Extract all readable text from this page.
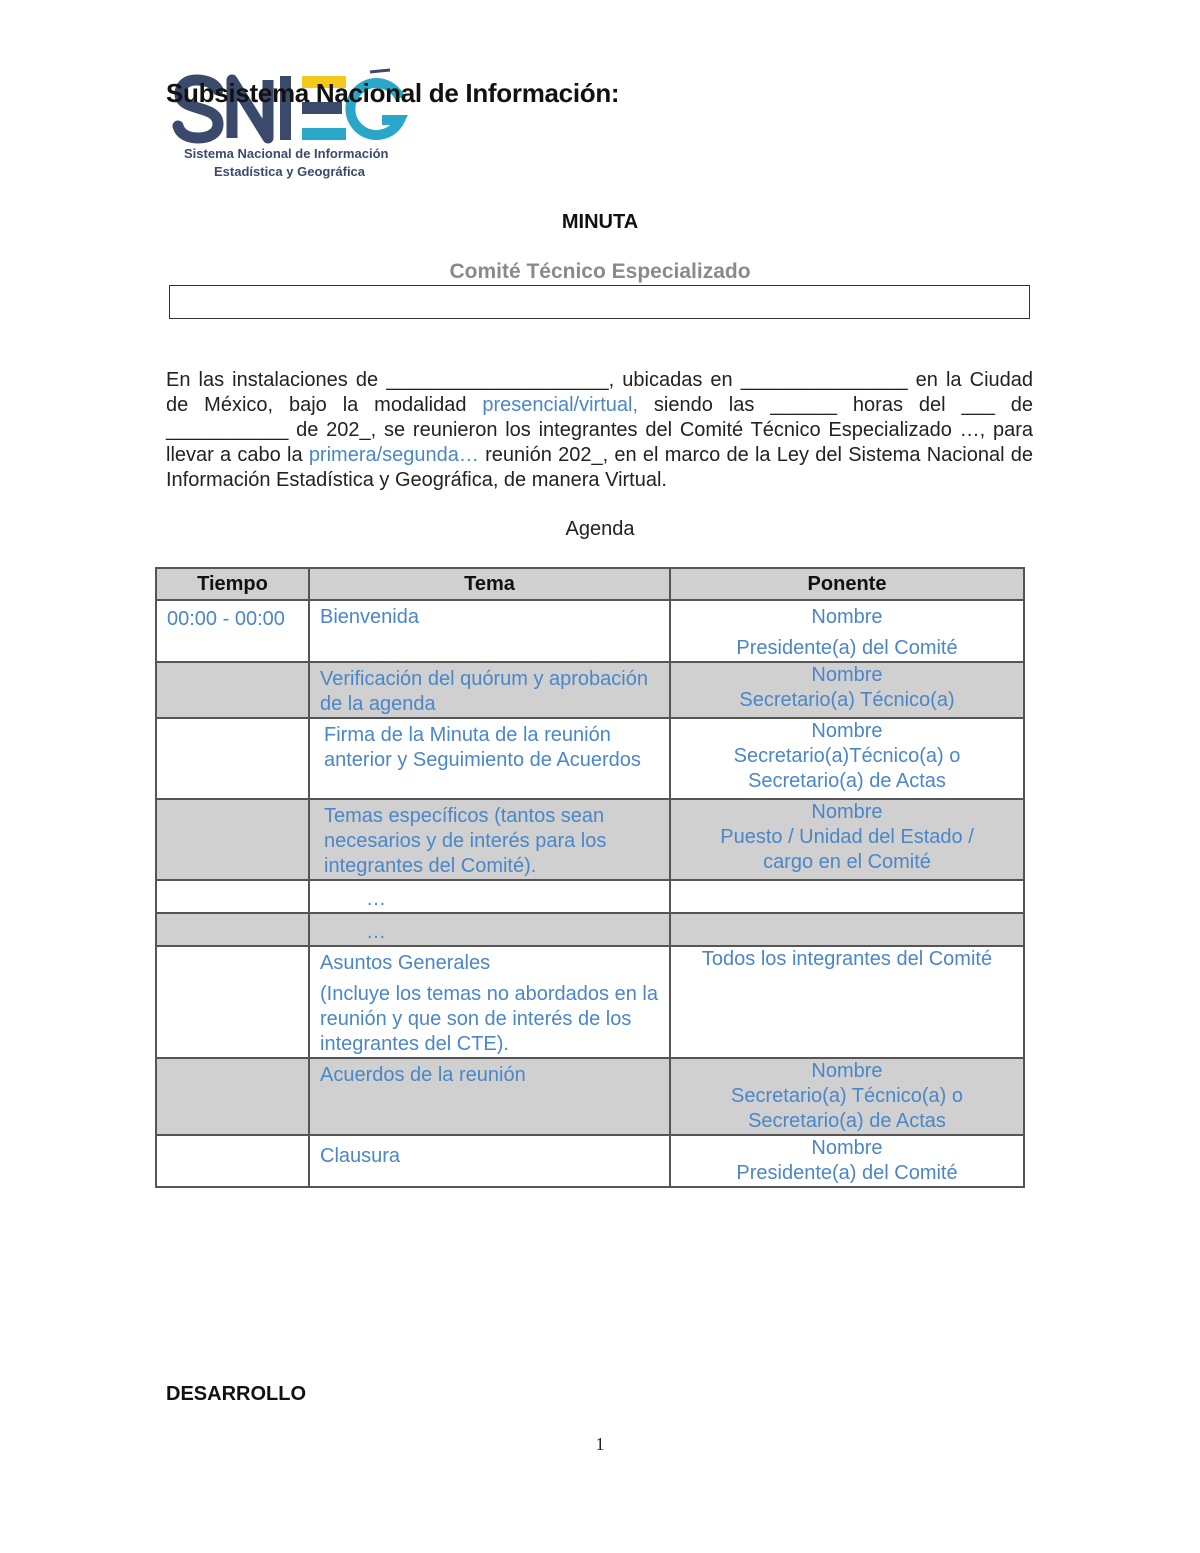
Sistema Nacional de Información
Estadística y Geográfica
Subsistema Nacional de Información:
MINUTA
Comité Técnico Especializado
En las instalaciones de ____________________, ubicadas en _______________ en la Ciudad de México, bajo la modalidad presencial/virtual, siendo las ______ horas del ___ de ___________ de 202_, se reunieron los integrantes del Comité Técnico Especializado …, para llevar a cabo la primera/segunda… reunión 202_, en el marco de la Ley del Sistema Nacional de Información Estadística y Geográfica, de manera Virtual.
Agenda
Tiempo	Tema	Ponente
00:00 - 00:00	Bienvenida	Nombre
Presidente(a) del Comité

	Verificación del quórum y aprobación de la agenda	Nombre
Secretario(a) Técnico(a)

	Firma de la Minuta de la reunión anterior y Seguimiento de Acuerdos	Nombre
Secretario(a)Técnico(a) o
Secretario(a) de Actas

	Temas específicos (tantos sean necesarios y de interés para los integrantes del Comité).	Nombre
Puesto / Unidad del Estado /
cargo en el Comité

	…	
	…	

	Asuntos Generales
(Incluye los temas no abordados en la reunión y que son de interés de los integrantes del CTE).	Todos los integrantes del Comité

	Acuerdos de la reunión	Nombre
Secretario(a) Técnico(a) o
Secretario(a) de Actas

	Clausura	Nombre
Presidente(a) del Comité
DESARROLLO
1
